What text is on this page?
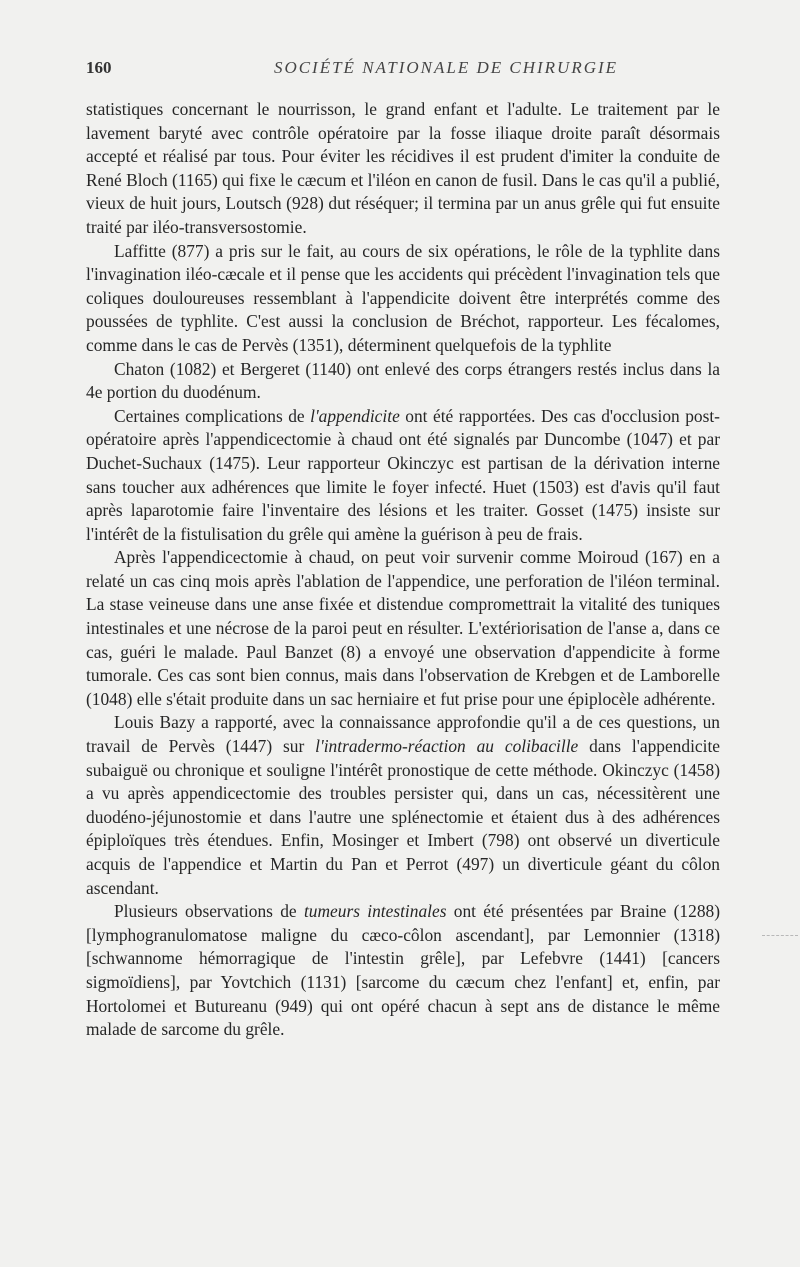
160	SOCIÉTÉ NATIONALE DE CHIRURGIE

statistiques concernant le nourrisson, le grand enfant et l'adulte. Le traitement par le lavement baryté avec contrôle opératoire par la fosse iliaque droite paraît désormais accepté et réalisé par tous. Pour éviter les récidives il est prudent d'imiter la conduite de René Bloch (1165) qui fixe le cæcum et l'iléon en canon de fusil. Dans le cas qu'il a publié, vieux de huit jours, Loutsch (928) dut réséquer; il termina par un anus grêle qui fut ensuite traité par iléo-transversostomie.

Laffitte (877) a pris sur le fait, au cours de six opérations, le rôle de la typhlite dans l'invagination iléo-cæcale et il pense que les accidents qui précèdent l'invagination tels que coliques douloureuses ressemblant à l'appendicite doivent être interprétés comme des poussées de typhlite. C'est aussi la conclusion de Bréchot, rapporteur. Les fécalomes, comme dans le cas de Pervès (1351), déterminent quelquefois de la typhlite

Chaton (1082) et Bergeret (1140) ont enlevé des corps étrangers restés inclus dans la 4e portion du duodénum.

Certaines complications de l'appendicite ont été rapportées. Des cas d'occlusion post-opératoire après l'appendicectomie à chaud ont été signalés par Duncombe (1047) et par Duchet-Suchaux (1475). Leur rapporteur Okinczyc est partisan de la dérivation interne sans toucher aux adhérences que limite le foyer infecté. Huet (1503) est d'avis qu'il faut après laparotomie faire l'inventaire des lésions et les traiter. Gosset (1475) insiste sur l'intérêt de la fistulisation du grêle qui amène la guérison à peu de frais.

Après l'appendicectomie à chaud, on peut voir survenir comme Moiroud (167) en a relaté un cas cinq mois après l'ablation de l'appendice, une perforation de l'iléon terminal. La stase veineuse dans une anse fixée et distendue compromettrait la vitalité des tuniques intestinales et une nécrose de la paroi peut en résulter. L'extériorisation de l'anse a, dans ce cas, guéri le malade. Paul Banzet (8) a envoyé une observation d'appendicite à forme tumorale. Ces cas sont bien connus, mais dans l'observation de Krebgen et de Lamborelle (1048) elle s'était produite dans un sac herniaire et fut prise pour une épiplocèle adhérente.

Louis Bazy a rapporté, avec la connaissance approfondie qu'il a de ces questions, un travail de Pervès (1447) sur l'intradermo-réaction au colibacille dans l'appendicite subaiguë ou chronique et souligne l'intérêt pronostique de cette méthode. Okinczyc (1458) a vu après appendicectomie des troubles persister qui, dans un cas, nécessitèrent une duodéno-jéjunostomie et dans l'autre une splénectomie et étaient dus à des adhérences épiploïques très étendues. Enfin, Mosinger et Imbert (798) ont observé un diverticule acquis de l'appendice et Martin du Pan et Perrot (497) un diverticule géant du côlon ascendant.

Plusieurs observations de tumeurs intestinales ont été présentées par Braine (1288) [lymphogranulomatose maligne du cæco-côlon ascendant], par Lemonnier (1318) [schwannome hémorragique de l'intestin grêle], par Lefebvre (1441) [cancers sigmoïdiens], par Yovtchich (1131) [sarcome du cæcum chez l'enfant] et, enfin, par Hortolomei et Butureanu (949) qui ont opéré chacun à sept ans de distance le même malade de sarcome du grêle.
